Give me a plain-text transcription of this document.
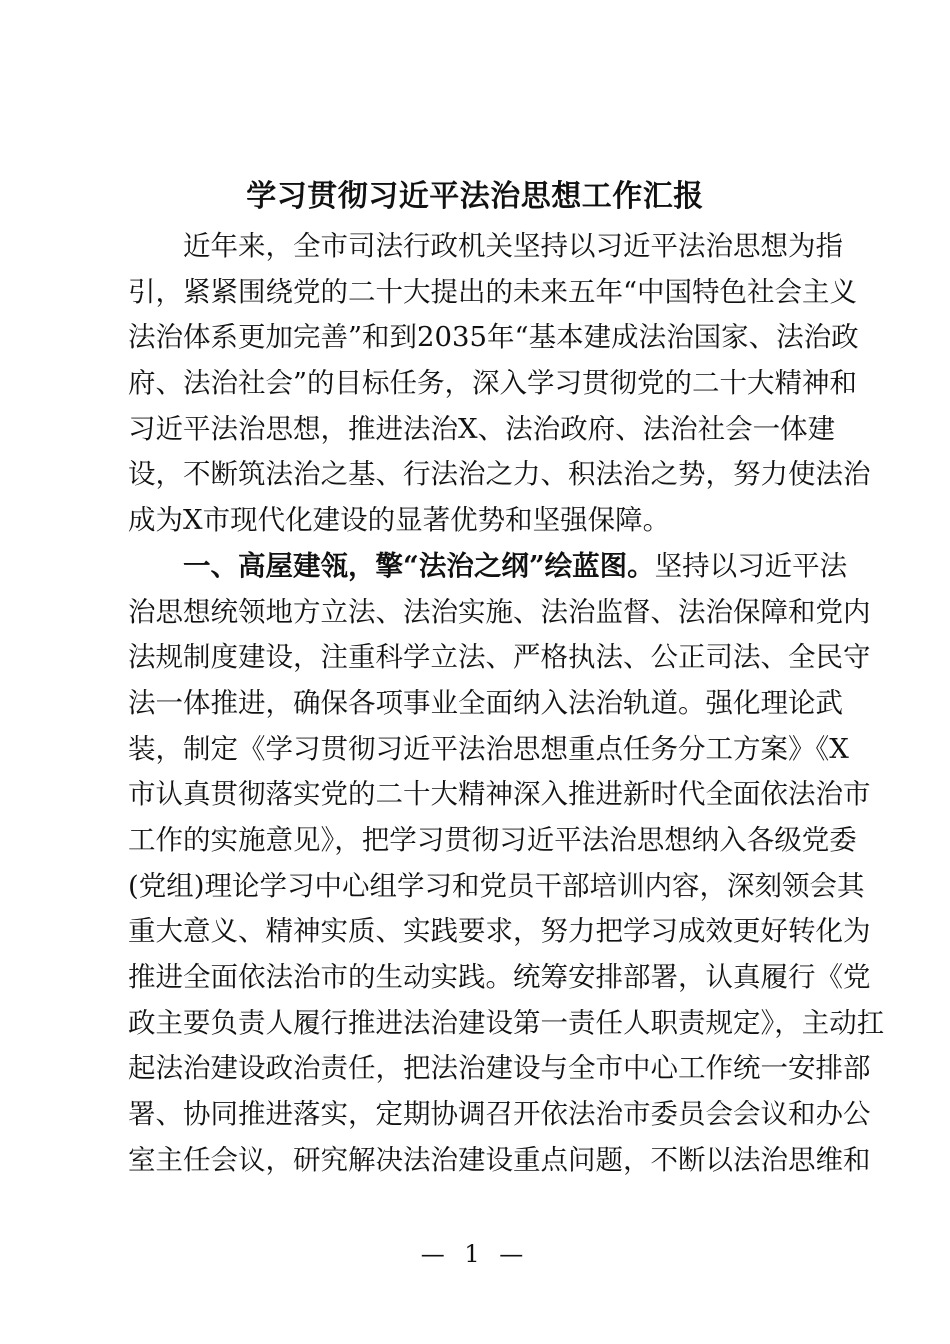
学习贯彻习近平法治思想工作汇报
近年来，全市司法行政机关坚持以习近平法治思想为指
引，紧紧围绕党的二十大提出的未来五年“中国特色社会主义
法治体系更加完善”和到2035年“基本建成法治国家、法治政
府、法治社会”的目标任务，深入学习贯彻党的二十大精神和
习近平法治思想，推进法治X、法治政府、法治社会一体建
设，不断筑法治之基、行法治之力、积法治之势，努力使法治
成为X市现代化建设的显著优势和坚强保障。
一、高屋建瓴，擎“法治之纲”绘蓝图。坚持以习近平法
治思想统领地方立法、法治实施、法治监督、法治保障和党内
法规制度建设，注重科学立法、严格执法、公正司法、全民守
法一体推进，确保各项事业全面纳入法治轨道。强化理论武
装，制定《学习贯彻习近平法治思想重点任务分工方案》《X
市认真贯彻落实党的二十大精神深入推进新时代全面依法治市
工作的实施意见》，把学习贯彻习近平法治思想纳入各级党委
(党组)理论学习中心组学习和党员干部培训内容，深刻领会其
重大意义、精神实质、实践要求，努力把学习成效更好转化为
推进全面依法治市的生动实践。统筹安排部署，认真履行《党
政主要负责人履行推进法治建设第一责任人职责规定》，主动扛
起法治建设政治责任，把法治建设与全市中心工作统一安排部
署、协同推进落实，定期协调召开依法治市委员会会议和办公
室主任会议，研究解决法治建设重点问题，不断以法治思维和
— 1 —
